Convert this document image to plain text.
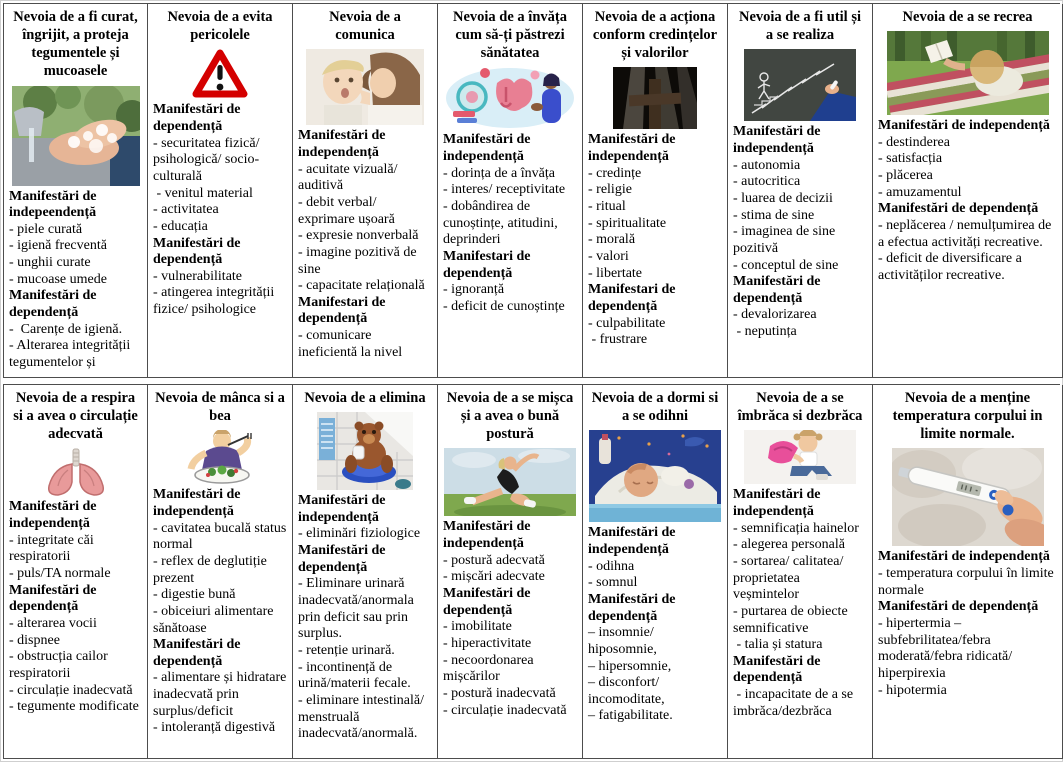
Nevoia de a fi curat, îngrijit, a proteja tegumentele și mucoasele
Manifestări de indepeendență
- piele curată
- igienă frecventă
- unghii curate
- mucoase umede
Manifestări de dependență
-  Carențe de igienă.
- Alterarea integrității tegumentelor și
Nevoia de a evita pericolele
Manifestări de dependență
- securitatea fizică/ psihologică/ socio-culturală
- venitul material
- activitatea
- educația
Manifestări de dependență
- vulnerabilitate
- atingerea integrității fizice/ psihologice
Nevoia de a comunica
Manifestări de independență
- acuitate vizuală/ auditivă
- debit verbal/ exprimare ușoară
- expresie nonverbală
- imagine pozitivă de sine
- capacitate relațională
Manifestari de dependență
- comunicare ineficientă la nivel
Nevoia de a învăța cum să-ți păstrezi sănătatea
Manifestări de independență
- dorința de a învăța
- interes/ receptivitate
- dobândirea de cunoștințe, atitudini, deprinderi
Manifestari de dependență
- ignoranță
- deficit de cunoștințe
Nevoia de a acționa conform credințelor și valorilor
Manifestări de independență
- credințe
- religie
- ritual
- spiritualitate
- morală
- valori
- libertate
Manifestari de dependență
- culpabilitate
- frustrare
Nevoia de a fi util și a se realiza
Manifestări de independență
- autonomia
- autocritica
- luarea de decizii
- stima de sine
- imaginea de sine pozitivă
- conceptul de sine
Manifestări de dependență
- devalorizarea
- neputința
Nevoia de a se recrea
Manifestări de independență
- destinderea
- satisfacția
- plăcerea
- amuzamentul
Manifestări de dependență
- neplăcerea / nemulțumirea de a efectua activități recreative.
- deficit de diversificare a activităților recreative.
Nevoia de a respira si a avea o circulație adecvată
Manifestări de independență
- integritate căi respiratorii
- puls/TA normale
Manifestări de dependență
- alterarea vocii
- dispnee
- obstrucția cailor respiratorii
- circulație inadecvată
- tegumente modificate
Nevoia de mânca si a bea
Manifestări de independență
- cavitatea bucală status normal
- reflex de deglutiție prezent
- digestie bună
- obiceiuri alimentare sănătoase
Manifestări de dependență
- alimentare și hidratare inadecvată prin surplus/deficit
- intoleranță digestivă
Nevoia de a elimina
Manifestări de independență
- eliminări fiziologice
Manifestări de dependență
- Eliminare urinară inadecvată/anormala prin deficit sau prin surplus.
- retenție urinară.
- incontinență de urină/materii fecale.
- eliminare intestinală/ menstruală inadecvată/anormală.
Nevoia de a se mișca și a avea o bună postură
Manifestări de independență
- postură adecvată
- mișcări adecvate
Manifestări de dependență
- imobilitate
- hiperactivitate
- necoordonarea mișcărilor
- postură inadecvată
- circulație inadecvată
Nevoia de a dormi si a se odihni
Manifestări de independență
- odihna
- somnul
Manifestări de dependență
– insomnie/ hiposomnie,
– hipersomnie,
– disconfort/ incomoditate,
– fatigabilitate.
Nevoia de a se îmbrăca si dezbrăca
Manifestări de independență
- semnificația hainelor
- alegerea personală
- sortarea/ calitatea/ proprietatea veșmintelor
- purtarea de obiecte semnificative
- talia și statura
Manifestări de dependență
- incapacitate de a se imbrăca/dezbrăca
Nevoia de a menține temperatura corpului in limite normale.
Manifestări de independență
- temperatura corpului în limite normale
Manifestări de dependență
- hipertermia – subfebrilitatea/febra moderată/febra ridicată/ hiperpirexia
- hipotermia
